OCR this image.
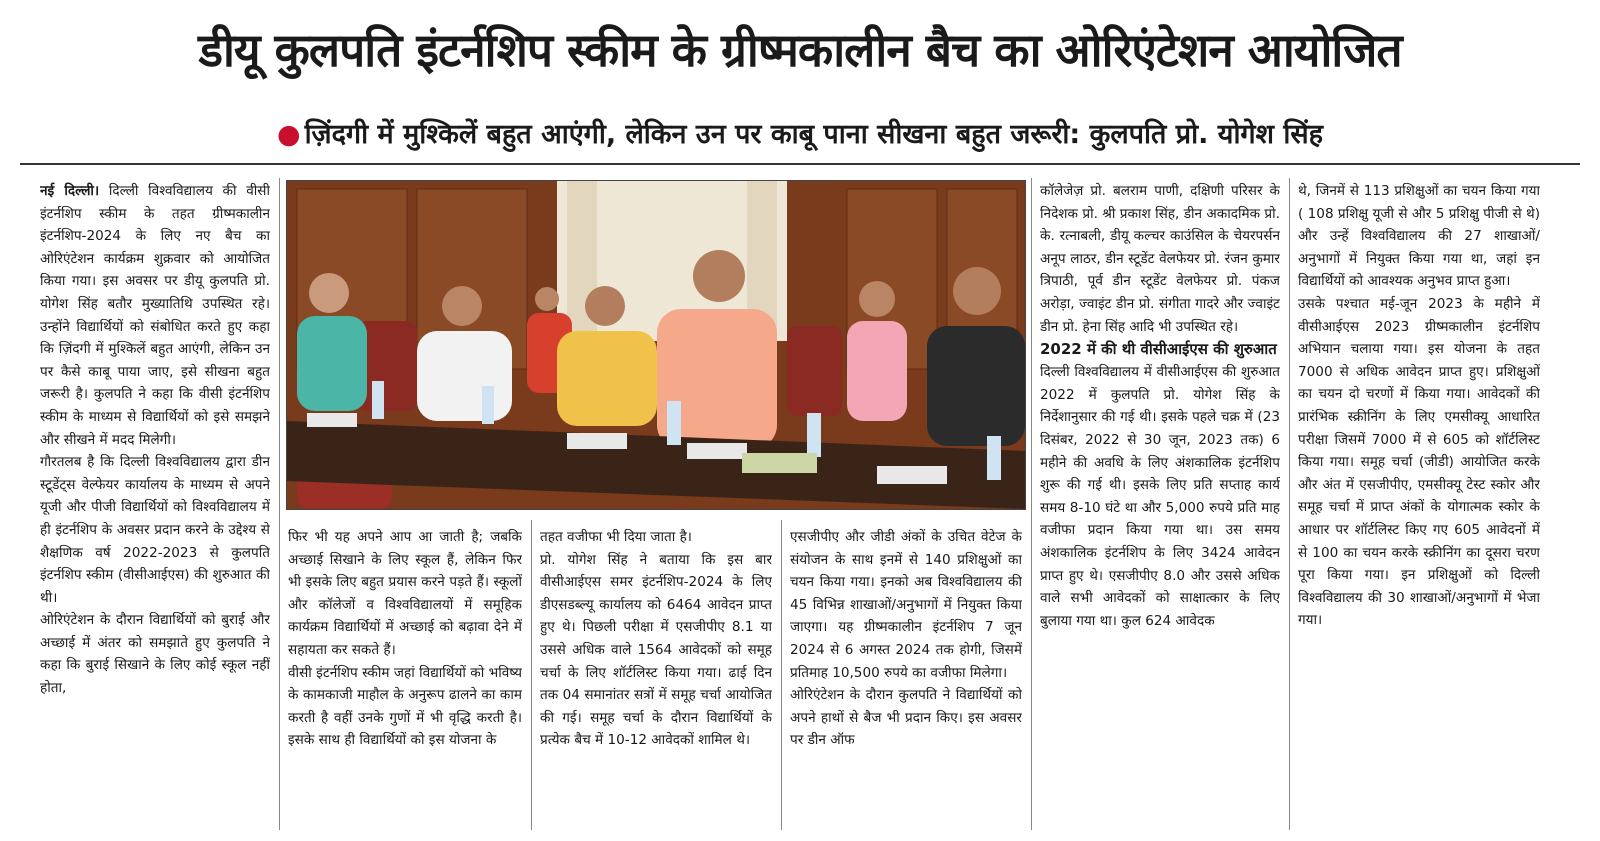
डीयू कुलपति इंटर्नशिप स्कीम के ग्रीष्मकालीन बैच का ओरिएंटेशन आयोजित
● ज़िंदगी में मुश्किलें बहुत आएंगी, लेकिन उन पर काबू पाना सीखना बहुत जरूरी: कुलपति प्रो. योगेश सिंह

नई दिल्ली। दिल्ली विश्वविद्यालय की वीसी इंटर्नशिप स्कीम के तहत ग्रीष्मकालीन इंटर्नशिप-2024 के लिए नए बैच का ओरिएंटेशन कार्यक्रम शुक्रवार को आयोजित किया गया। इस अवसर पर डीयू कुलपति प्रो. योगेश सिंह बतौर मुख्यातिथि उपस्थित रहे। उन्होंने विद्यार्थियों को संबोधित करते हुए कहा कि ज़िंदगी में मुश्किलें बहुत आएंगी, लेकिन उन पर कैसे काबू पाया जाए, इसे सीखना बहुत जरूरी है। कुलपति ने कहा कि वीसी इंटर्नशिप स्कीम के माध्यम से विद्यार्थियों को इसे समझने और सीखने में मदद मिलेगी।

गौरतलब है कि दिल्ली विश्वविद्यालय द्वारा डीन स्टूडेंट्स वेल्फेयर कार्यालय के माध्यम से अपने यूजी और पीजी विद्यार्थियों को विश्वविद्यालय में ही इंटर्नशिप के अवसर प्रदान करने के उद्देश्य से शैक्षणिक वर्ष 2022-2023 से कुलपति इंटर्नशिप स्कीम (वीसीआईएस) की शुरुआत की थी।

ओरिएंटेशन के दौरान विद्यार्थियों को बुराई और अच्छाई में अंतर को समझाते हुए कुलपति ने कहा कि बुराई सिखाने के लिए कोई स्कूल नहीं होता,

फिर भी यह अपने आप आ जाती है; जबकि अच्छाई सिखाने के लिए स्कूल हैं, लेकिन फिर भी इसके लिए बहुत प्रयास करने पड़ते हैं। स्कूलों और कॉलेजों व विश्वविद्यालयों में समूहिक कार्यक्रम विद्यार्थियों में अच्छाई को बढ़ावा देने में सहायता कर सकते हैं।

वीसी इंटर्नशिप स्कीम जहां विद्यार्थियों को भविष्य के कामकाजी माहौल के अनुरूप ढालने का काम करती है वहीं उनके गुणों में भी वृद्धि करती है। इसके साथ ही विद्यार्थियों को इस योजना के

तहत वजीफा भी दिया जाता है।

प्रो. योगेश सिंह ने बताया कि इस बार वीसीआईएस समर इंटर्नशिप-2024 के लिए डीएसडब्ल्यू कार्यालय को 6464 आवेदन प्राप्त हुए थे। पिछली परीक्षा में एसजीपीए 8.1 या उससे अधिक वाले 1564 आवेदकों को समूह चर्चा के लिए शॉर्टलिस्ट किया गया। ढाई दिन तक 04 समानांतर सत्रों में समूह चर्चा आयोजित की गई। समूह चर्चा के दौरान विद्यार्थियों के प्रत्येक बैच में 10-12 आवेदकों शामिल थे।

एसजीपीए और जीडी अंकों के उचित वेटेज के संयोजन के साथ इनमें से 140 प्रशिक्षुओं का चयन किया गया। इनको अब विश्वविद्यालय की 45 विभिन्न शाखाओं/अनुभागों में नियुक्त किया जाएगा। यह ग्रीष्मकालीन इंटर्नशिप 7 जून 2024 से 6 अगस्त 2024 तक होगी, जिसमें प्रतिमाह 10,500 रुपये का वजीफा मिलेगा।

ओरिएंटेशन के दौरान कुलपति ने विद्यार्थियों को अपने हाथों से बैज भी प्रदान किए। इस अवसर पर डीन ऑफ

कॉलेजेज़ प्रो. बलराम पाणी, दक्षिणी परिसर के निदेशक प्रो. श्री प्रकाश सिंह, डीन अकादमिक प्रो. के. रत्नाबली, डीयू कल्चर काउंसिल के चेयरपर्सन अनूप लाठर, डीन स्टूडेंट वेलफेयर प्रो. रंजन कुमार त्रिपाठी, पूर्व डीन स्टूडेंट वेलफेयर प्रो. पंकज अरोड़ा, ज्वाइंट डीन प्रो. संगीता गादरे और ज्वाइंट डीन प्रो. हेना सिंह आदि भी उपस्थित रहे।

2022 में की थी वीसीआईएस की शुरुआत

दिल्ली विश्वविद्यालय में वीसीआईएस की शुरुआत 2022 में कुलपति प्रो. योगेश सिंह के निर्देशानुसार की गई थी। इसके पहले चक्र में (23 दिसंबर, 2022 से 30 जून, 2023 तक) 6 महीने की अवधि के लिए अंशकालिक इंटर्नशिप शुरू की गई थी। इसके लिए प्रति सप्ताह कार्य समय 8-10 घंटे था और 5,000 रुपये प्रति माह वजीफा प्रदान किया गया था। उस समय अंशकालिक इंटर्नशिप के लिए 3424 आवेदन प्राप्त हुए थे। एसजीपीए 8.0 और उससे अधिक वाले सभी आवेदकों को साक्षात्कार के लिए बुलाया गया था। कुल 624 आवेदक

थे, जिनमें से 113 प्रशिक्षुओं का चयन किया गया ( 108 प्रशिक्षु यूजी से और 5 प्रशिक्षु पीजी से थे) और उन्हें विश्वविद्यालय की 27 शाखाओं/अनुभागों में नियुक्त किया गया था, जहां इन विद्यार्थियों को आवश्यक अनुभव प्राप्त हुआ।

उसके पश्चात मई-जून 2023 के महीने में वीसीआईएस 2023 ग्रीष्मकालीन इंटर्नशिप अभियान चलाया गया। इस योजना के तहत 7000 से अधिक आवेदन प्राप्त हुए। प्रशिक्षुओं का चयन दो चरणों में किया गया। आवेदकों की प्रारंभिक स्क्रीनिंग के लिए एमसीक्यू आधारित परीक्षा जिसमें 7000 में से 605 को शॉर्टलिस्ट किया गया। समूह चर्चा (जीडी) आयोजित करके और अंत में एसजीपीए, एमसीक्यू टेस्ट स्कोर और समूह चर्चा में प्राप्त अंकों के योगात्मक स्कोर के आधार पर शॉर्टलिस्ट किए गए 605 आवेदनों में से 100 का चयन करके स्क्रीनिंग का दूसरा चरण पूरा किया गया। इन प्रशिक्षुओं को दिल्ली विश्वविद्यालय की 30 शाखाओं/अनुभागों में भेजा गया।
